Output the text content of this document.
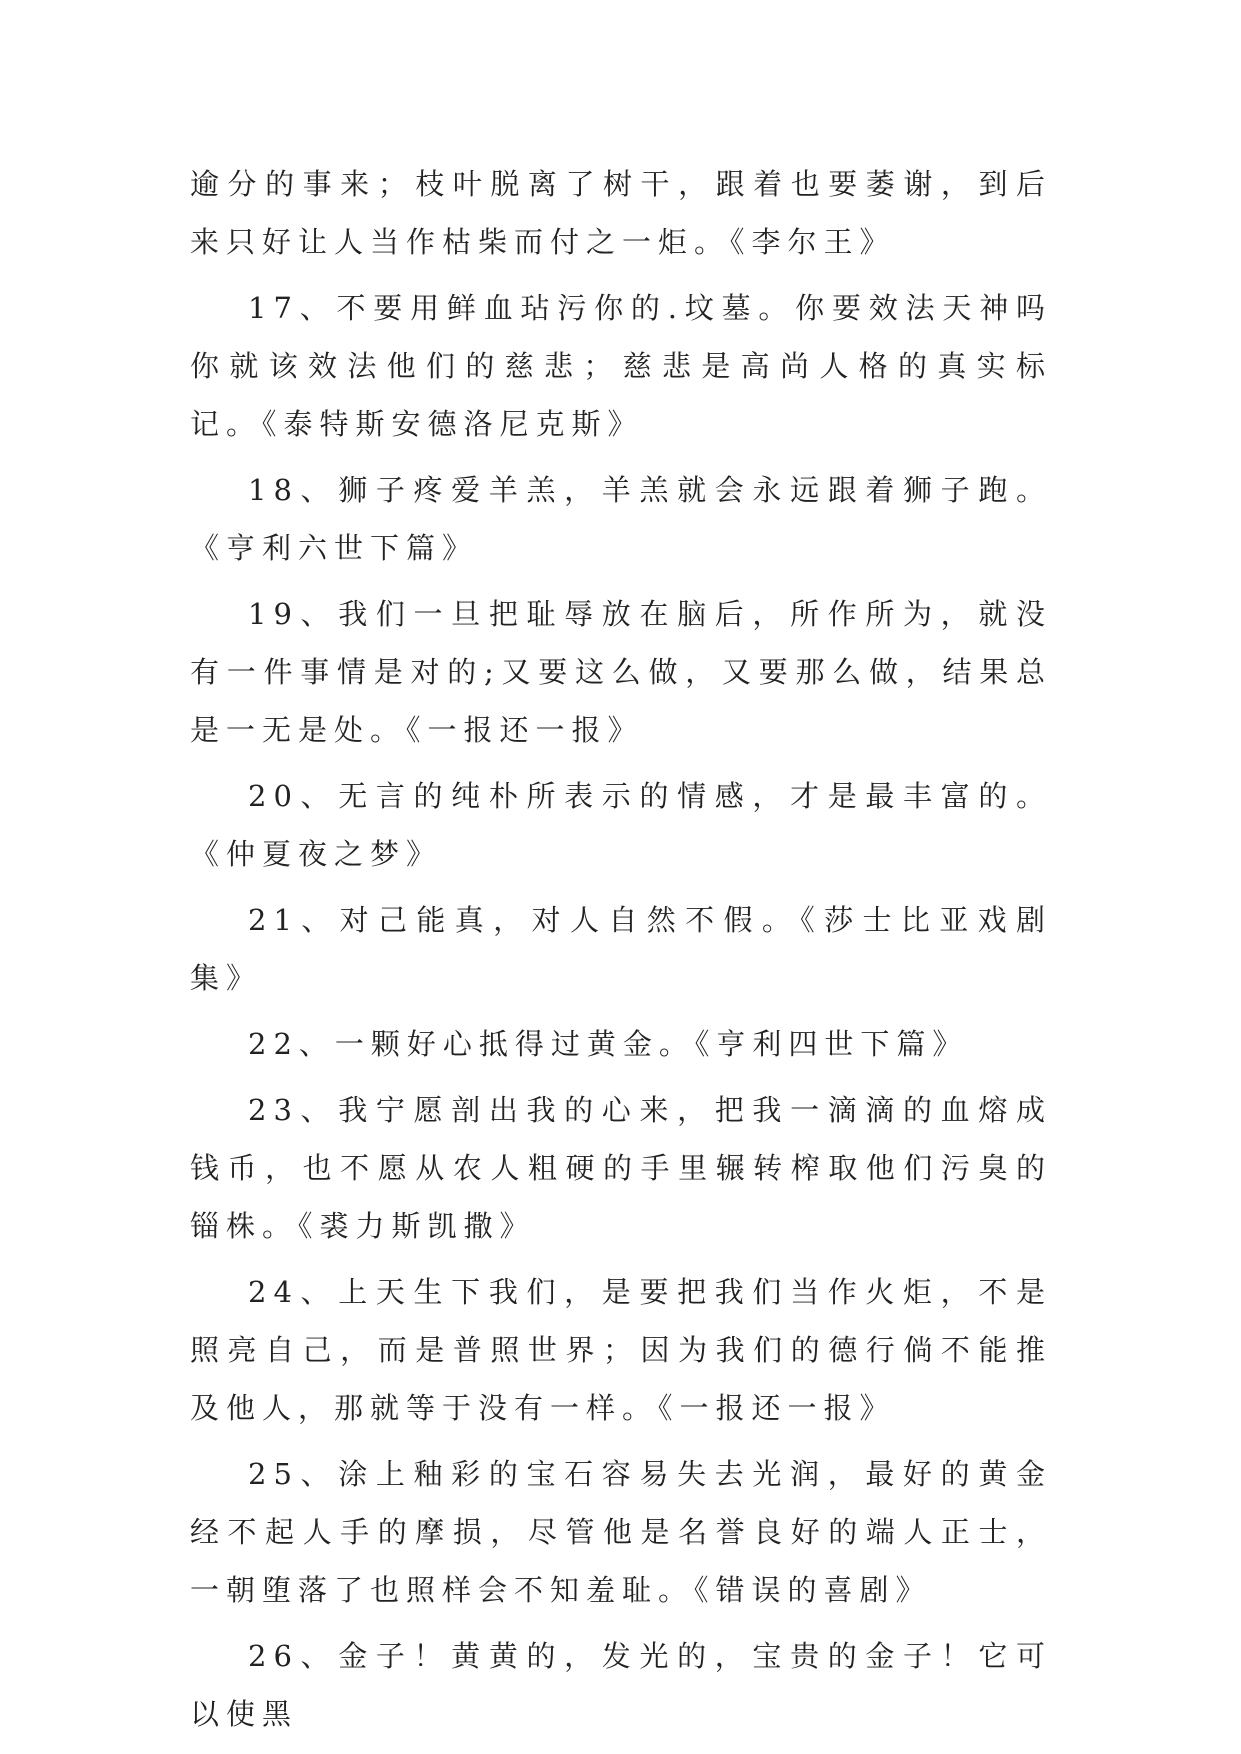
逾分的事来；枝叶脱离了树干，跟着也要萎谢，到后来只好让人当作枯柴而付之一炬。《李尔王》

17、不要用鲜血玷污你的.坟墓。你要效法天神吗你就该效法他们的慈悲；慈悲是高尚人格的真实标记。《泰特斯安德洛尼克斯》

18、狮子疼爱羊羔，羊羔就会永远跟着狮子跑。《亨利六世下篇》

19、我们一旦把耻辱放在脑后，所作所为，就没有一件事情是对的;又要这么做，又要那么做，结果总是一无是处。《一报还一报》

20、无言的纯朴所表示的情感，才是最丰富的。《仲夏夜之梦》

21、对己能真，对人自然不假。《莎士比亚戏剧集》

22、一颗好心抵得过黄金。《亨利四世下篇》

23、我宁愿剖出我的心来，把我一滴滴的血熔成钱币，也不愿从农人粗硬的手里辗转榨取他们污臭的锱株。《裘力斯凯撒》

24、上天生下我们，是要把我们当作火炬，不是照亮自己，而是普照世界；因为我们的德行倘不能推及他人，那就等于没有一样。《一报还一报》

25、涂上釉彩的宝石容易失去光润，最好的黄金经不起人手的摩损，尽管他是名誉良好的端人正士，一朝堕落了也照样会不知羞耻。《错误的喜剧》

26、金子！黄黄的，发光的，宝贵的金子！它可以使黑
